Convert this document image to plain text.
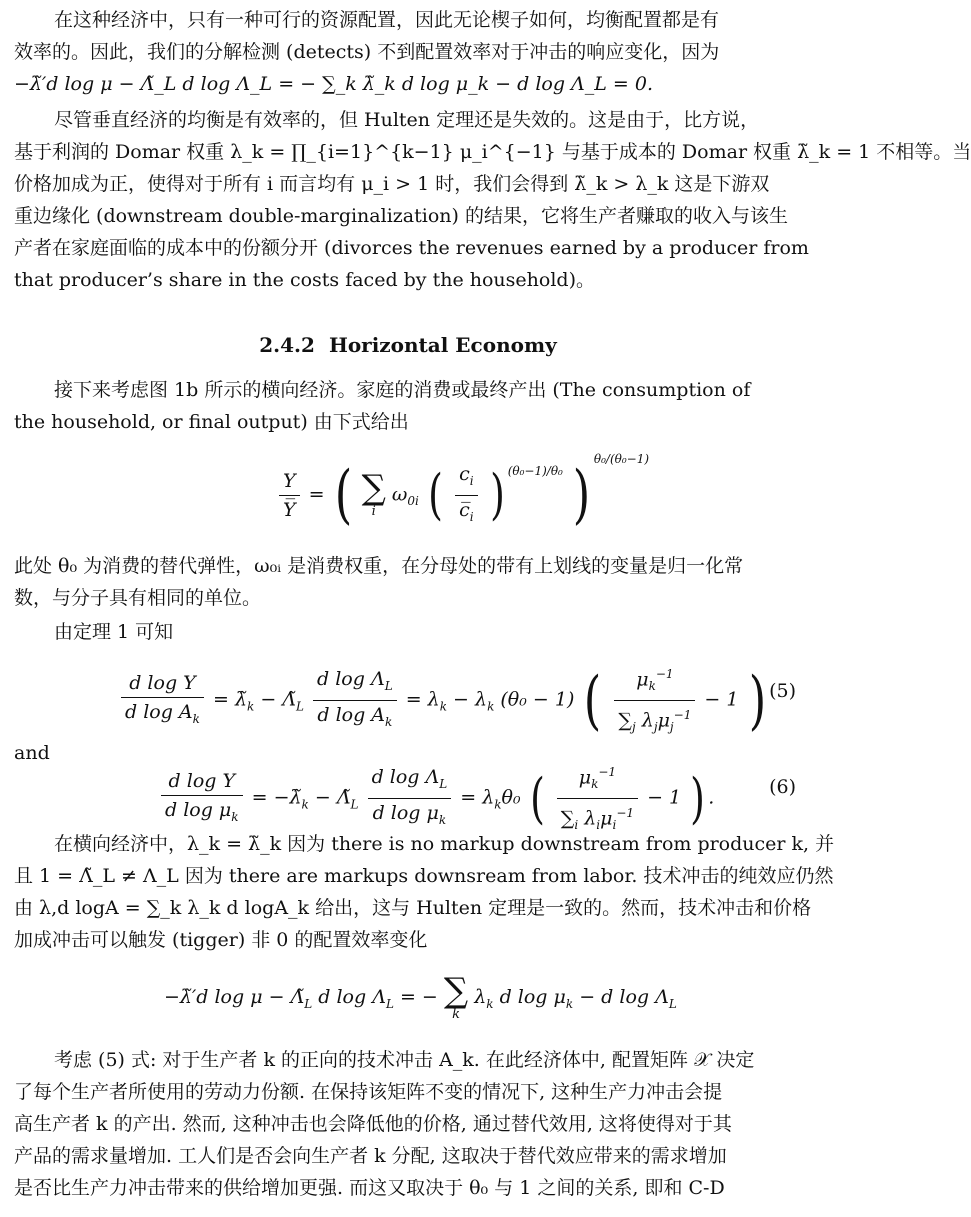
在这种经济中，只有一种可行的资源配置，因此无论楔子如何，均衡配置都是有
效率的。因此，我们的分解检测 (detects) 不到配置效率对于冲击的响应变化，因为
−λ̃′d log μ − Λ̃_L d log Λ_L = − ∑_k λ̃_k d log μ_k − d log Λ_L = 0.
尽管垂直经济的均衡是有效率的，但 Hulten 定理还是失效的。这是由于，比方说，
基于利润的 Domar 权重 λ_k = ∏_{i=1}^{k−1} μ_i^{−1} 与基于成本的 Domar 权重 λ̃_k = 1 不相等。当
价格加成为正，使得对于所有 i 而言均有 μ_i > 1 时，我们会得到 λ̃_k > λ_k 这是下游双
重边缘化 (downstream double-marginalization) 的结果，它将生产者赚取的收入与该生
产者在家庭面临的成本中的份额分开 (divorces the revenues earned by a producer from
that producer’s share in the costs faced by the household)。
2.4.2 Horizontal Economy
接下来考虑图 1b 所示的横向经济。家庭的消费或最终产出 (The consumption of
the household, or final output) 由下式给出
$\frac{Y}{Y̅}$ = ( ∑
i
$\omega_{0i}$ ( $\frac{c_i}{c̅_i}$ ) $^{(\theta_0-1)/\theta_0}$ ) $^{\theta_0/(\theta_0-1)}$
此处 θ₀ 为消费的替代弹性，ω₀ᵢ 是消费权重，在分母处的带有上划线的变量是归一化常
数，与分子具有相同的单位。
由定理 1 可知
$\frac{\text{d log Y}}{d \log A_k}$ = $\lambdã_k$ − $\Lambdã_L \frac{d \log \Lambda_L}{d \log A_k} = \lambda_k - \lambda_k$ (θ₀ − 1) ( $\frac{\mu_k^{-1}}{\sum_j \lambda_j\mu_j^{-1}} - 1$ ) (5)
and
$\frac{\text{d log Y}}{d \log \mu_k}$ = $-\lambdã_k$ − $\Lambdã_L \frac{d \log \Lambda_L}{d \log \mu_k} = \lambda_k\theta_0$ ( $\frac{\mu_k^{-1}}{\sum_i \lambda_i\mu_i^{-1}} - 1$ ) .	(6)
在横向经济中，λ_k = λ̃_k 因为 there is no markup downstream from producer k, 并
且 1 = Λ̃_L ≠ Λ_L 因为 there are markups downsream from labor. 技术冲击的纯效应仍然
由 λ,d logA = ∑_k λ_k d logA_k 给出，这与 Hulten 定理是一致的。然而，技术冲击和价格
加成冲击可以触发 (tigger) 非 0 的配置效率变化
−λ̃′d $\log \mu - \Lambdã_L$ d $\log \Lambda_L$ = − ∑
k
$\lambda_k$ d $\log \mu_k - d$ $\log \Lambda_L$
考虑 (5) 式: 对于生产者 k 的正向的技术冲击 A_k. 在此经济体中, 配置矩阵 𝒳 决定
了每个生产者所使用的劳动力份额. 在保持该矩阵不变的情况下, 这种生产力冲击会提
高生产者 k 的产出. 然而, 这种冲击也会降低他的价格, 通过替代效用, 这将使得对于其
产品的需求量增加. 工人们是否会向生产者 k 分配, 这取决于替代效应带来的需求增加
是否比生产力冲击带来的供给增加更强. 而这又取决于 θ₀ 与 1 之间的关系, 即和 C-D
